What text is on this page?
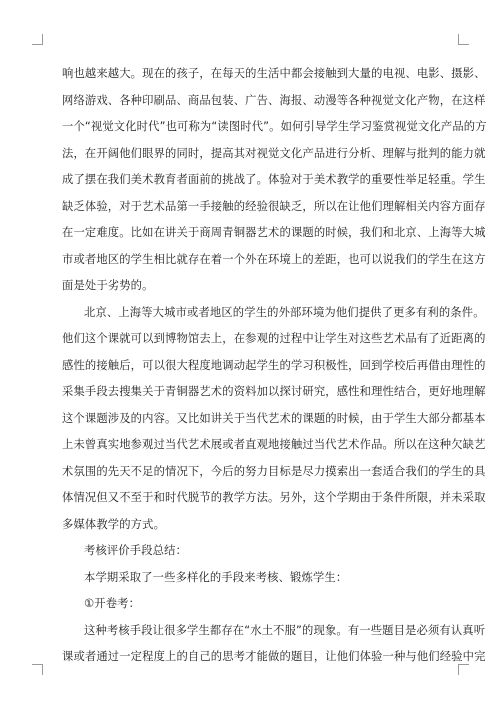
响也越来越大。现在的孩子，在每天的生活中都会接触到大量的电视、电影、摄影、
网络游戏、各种印刷品、商品包装、广告、海报、动漫等各种视觉文化产物，在这样
一个“视觉文化时代”也可称为“读图时代”。如何引导学生学习鉴赏视觉文化产品的方
法，在开阔他们眼界的同时，提高其对视觉文化产品进行分析、理解与批判的能力就
成了摆在我们美术教育者面前的挑战了。体验对于美术教学的重要性举足轻重。学生
缺乏体验，对于艺术品第一手接触的经验很缺乏，所以在让他们理解相关内容方面存
在一定难度。比如在讲关于商周青铜器艺术的课题的时候，我们和北京、上海等大城
市或者地区的学生相比就存在着一个外在环境上的差距，也可以说我们的学生在这方
面是处于劣势的。
北京、上海等大城市或者地区的学生的外部环境为他们提供了更多有利的条件。
他们这个课就可以到博物馆去上，在参观的过程中让学生对这些艺术品有了近距离的
感性的接触后，可以很大程度地调动起学生的学习积极性，回到学校后再借由理性的
采集手段去搜集关于青铜器艺术的资料加以探讨研究，感性和理性结合，更好地理解
这个课题涉及的内容。又比如讲关于当代艺术的课题的时候，由于学生大部分都基本
上未曾真实地参观过当代艺术展或者直观地接触过当代艺术作品。所以在这种欠缺艺
术氛围的先天不足的情况下，今后的努力目标是尽力摸索出一套适合我们的学生的具
体情况但又不至于和时代脱节的教学方法。另外，这个学期由于条件所限，并未采取
多媒体教学的方式。
考核评价手段总结：
本学期采取了一些多样化的手段来考核、锻炼学生：
①开卷考：
这种考核手段让很多学生都存在“水土不服”的现象。有一些题目是必须有认真听
课或者通过一定程度上的自己的思考才能做的题目，让他们体验一种与他们经验中完
